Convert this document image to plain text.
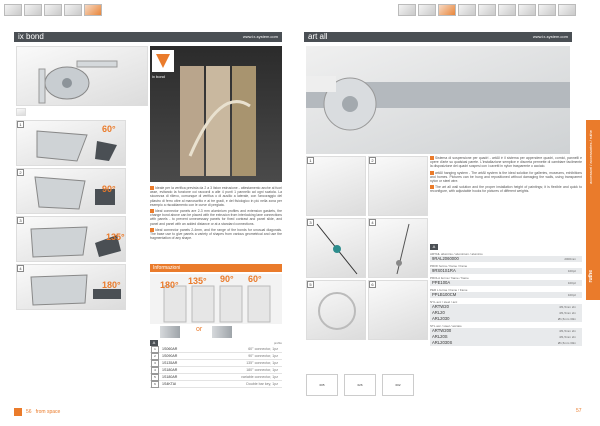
ix bond	www.ix-system.com
ix bond
1	60°
2
90°
3
135°
4
180°

Ideale per la verifica prevista da 2 a 3 liston estrusione - attestamento anche al fuori asse, evitando la funzione coi raccordi a alle 4 punti 1 pannello ad ogni scatola. La sicurezza di rilievo, comunque di verifica o di ausilio a laterale, con l'ancoraggio del pilastro di ferro oltre al manoscritto e ai tre gradi, e del fisiologico in più nella zona per esempio a riscaldamento con le curve di pregiata.

Ideal connector panels are 2-3 mm aluminium profiles and extension gaskets, the change bond above can be placed with the extrusion from interlocking lane connections with panels - to prevent unnecessary panels for fixed contrast and panel slide, and panel and panel with an added distance or at a standard connections.

Ideal connector panels 2-4mm, and the range of the bonds for unusual diagonals. The base use to give panels a variety of shapes from various geometrical and use the fragmentation of any shape.

Informazioni
180° 135° 90° 60°
or
A	profilo
1	1S060AR	60° connector, 1pz
2	1S090AR	90° connector, 1pz
3	1S135AR	135° connector, 1pz
4	1S180AR	180° connector, 1pz
5	1S180AR	variable connector, 1pz
6	1S4KTAI	Double bar key, 1pz
56 from space
art all	www.ix-system.com
accessori / accessories / ruthe
ruthe
1	2
3	4
5	6

Sistema di sospensione per quadri - artAll è il sistema per appendere quadri, cornici, pannelli e opere d'arte su qualsiasi parete. L'installazione semplice e discreta permette di cambiare facilmente la disposizione dei quadri sospesi con i cavetti in nylon trasparente o acciaio.

artAll hanging system - The artAll system is the ideal solution for galleries, museums, exhibitions and homes. Pictures can be hung and repositioned without damaging the walls, using transparent nylon or steel wire.

The art all wall solution and the proper installation height of paintings; it is flexible and quick to reconfigure, with adjustable hooks for pictures of different weights.

A
ARTAIL alluminio / aluminium / aluminio
9RAL2060000	2000mm
PROF ferma / frame / frame
9RS01S1RA	100pz
PROLA ferma / frame / frame
PPE100A	100pz
PER L ferma / frame / frame
PPLB100CM	100pz
NYL acc / steel / acc
ARTW20	Ø1,5mm 2m
ARL20	Ø1,5mm 2m
ARL2030	Ø1,5mm 30m
STL acc / steel / acciaio
ARTW200	Ø1,5mm 2m
ARL20S	Ø1,5mm 2m
ARL2030S	Ø1,5mm 30m
005	026	002
57
